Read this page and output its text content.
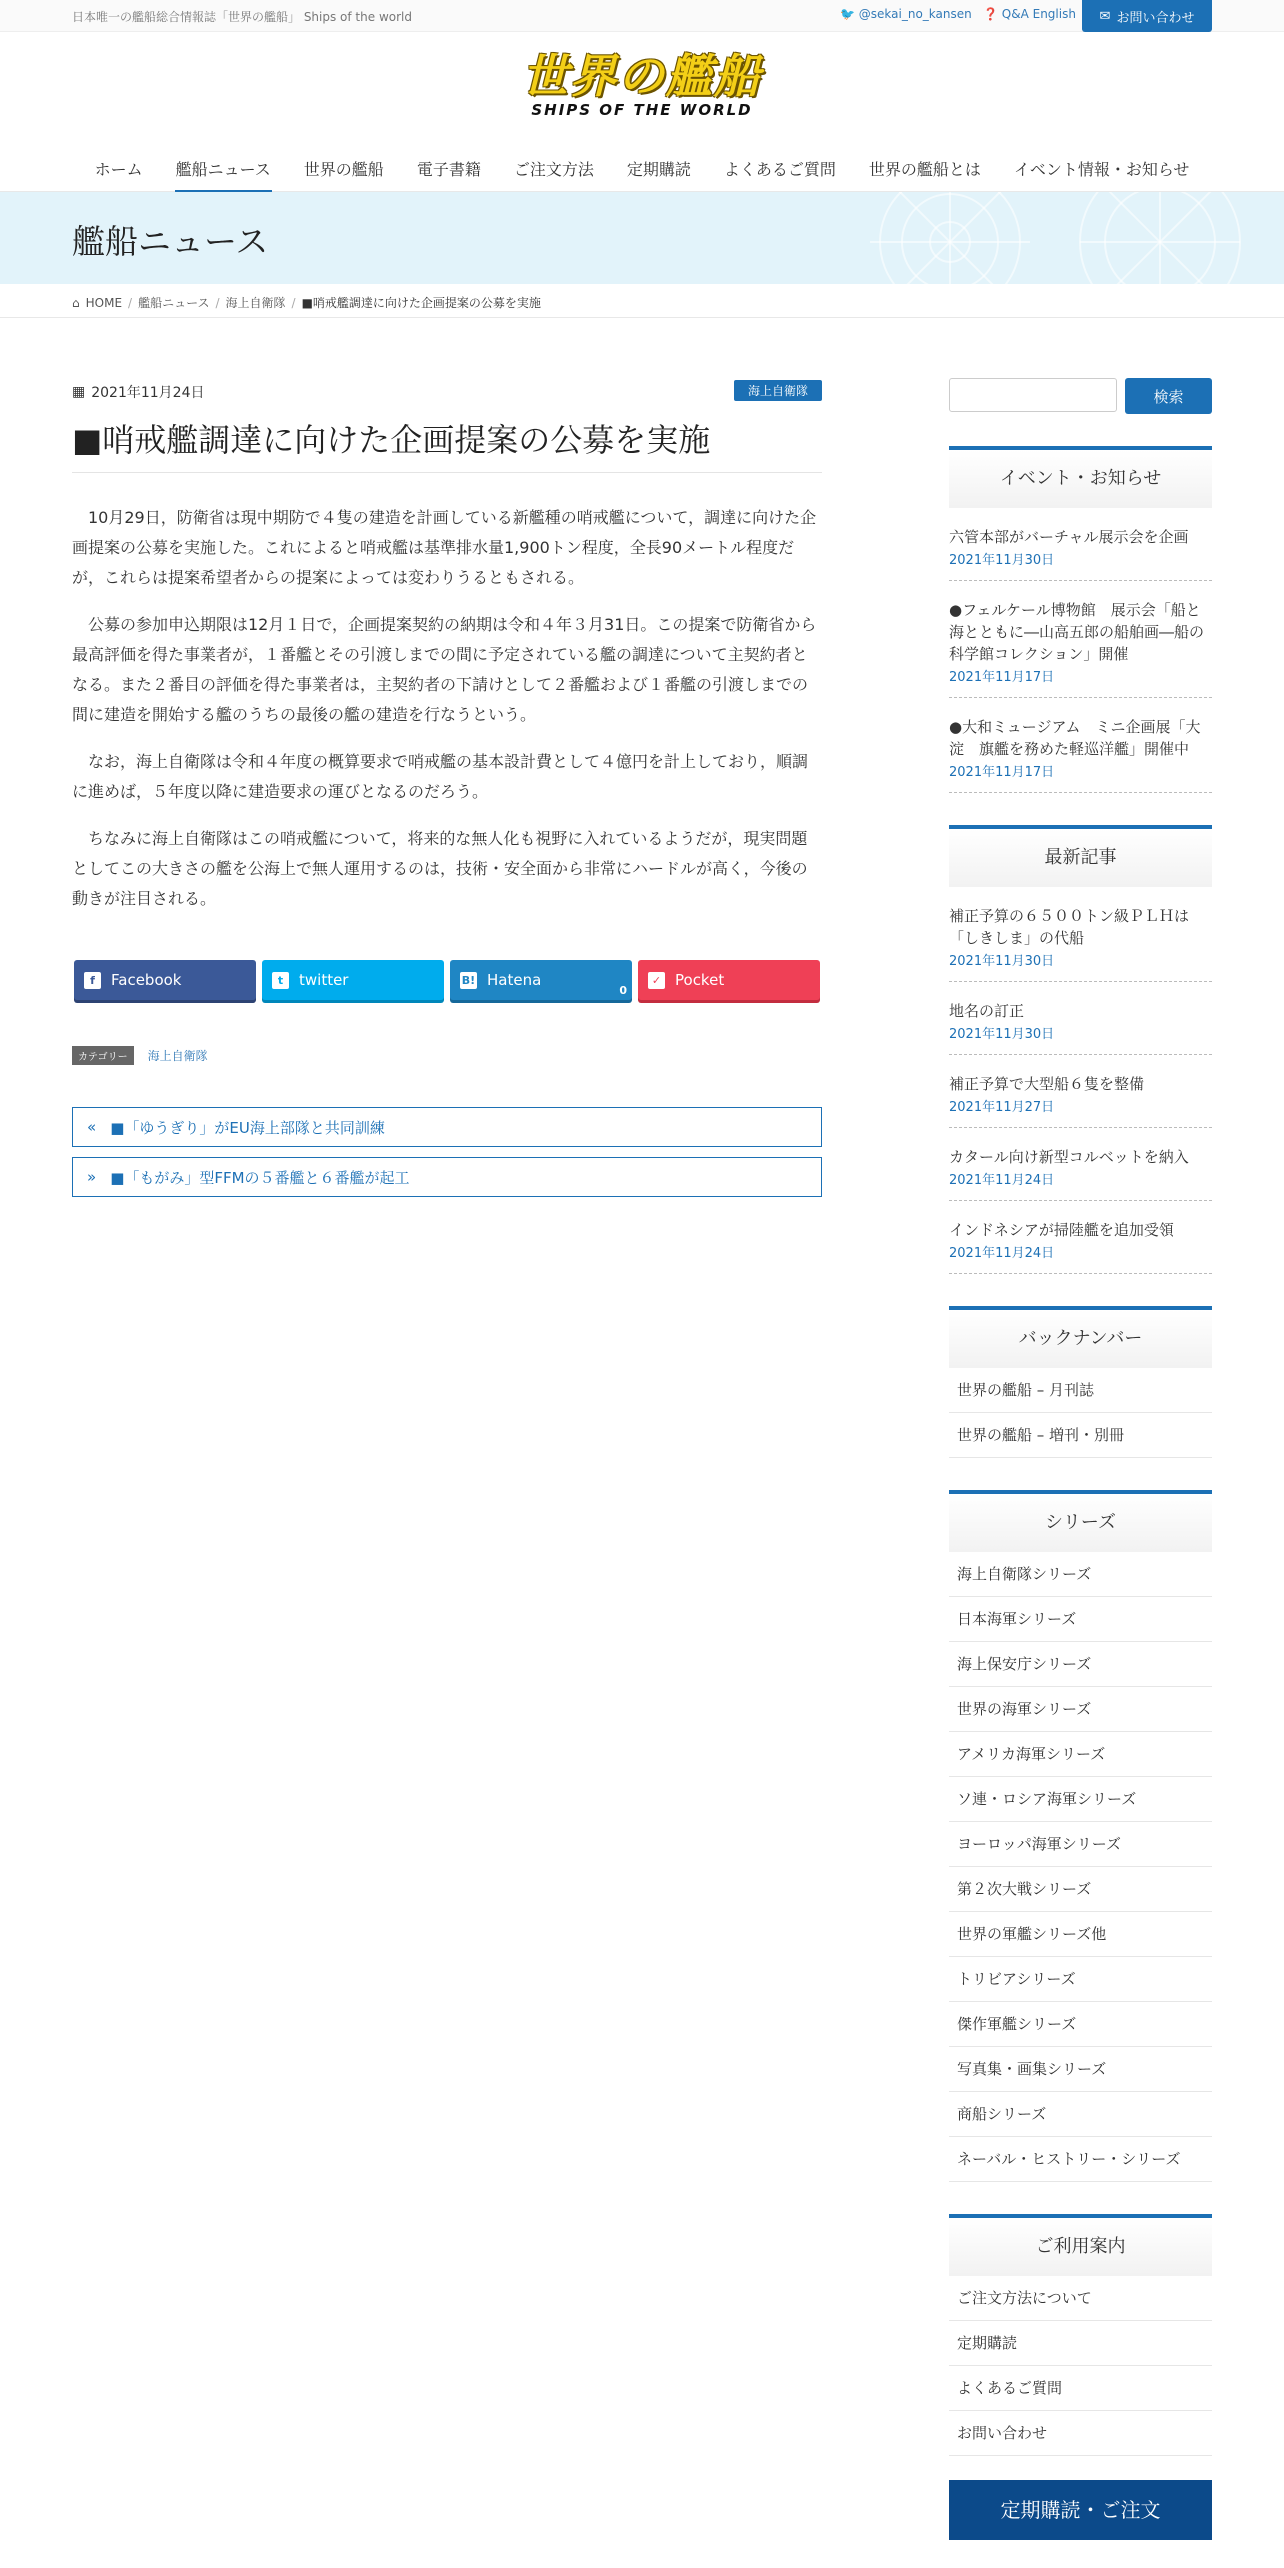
日本唯一の艦船総合情報誌「世界の艦船」 Ships of the world	🐦 @sekai_no_kansen ❓ Q&A English ✉ お問い合わせ
世界の艦船
SHIPS OF THE WORLD
ホーム 艦船ニュース 世界の艦船 電子書籍 ご注文方法 定期購読 よくあるご質問 世界の艦船とは イベント情報・お知らせ
艦船ニュース
⌂ HOME / 艦船ニュース / 海上自衛隊 / ■哨戒艦調達に向けた企画提案の公募を実施
▦ 2021年11月24日	海上自衛隊
■哨戒艦調達に向けた企画提案の公募を実施

10月29日，防衛省は現中期防で４隻の建造を計画している新艦種の哨戒艦について，調達に向けた企画提案の公募を実施した。これによると哨戒艦は基準排水量1,900トン程度，全長90メートル程度だが，これらは提案希望者からの提案によっては変わりうるともされる。

公募の参加申込期限は12月１日で，企画提案契約の納期は令和４年３月31日。この提案で防衛省から最高評価を得た事業者が，１番艦とその引渡しまでの間に予定されている艦の調達について主契約者となる。また２番目の評価を得た事業者は，主契約者の下請けとして２番艦および１番艦の引渡しまでの間に建造を開始する艦のうちの最後の艦の建造を行なうという。

なお，海上自衛隊は令和４年度の概算要求で哨戒艦の基本設計費として４億円を計上しており，順調に進めば，５年度以降に建造要求の運びとなるのだろう。

ちなみに海上自衛隊はこの哨戒艦について，将来的な無人化も視野に入れているようだが，現実問題としてこの大きさの艦を公海上で無人運用するのは，技術・安全面から非常にハードルが高く，今後の動きが注目される。

f	Facebook	t	twitter	B! Hatena
0
✓ Pocket
カテゴリー	海上自衛隊
« ■「ゆうぎり」がEU海上部隊と共同訓練
» ■「もがみ」型FFMの５番艦と６番艦が起工
検索
イベント・お知らせ
六管本部がバーチャル展示会を企画
2021年11月30日
●フェルケール博物館　展示会「船と海とともに―山高五郎の船舶画―船の科学館コレクション」開催
2021年11月17日
●大和ミュージアム　ミニ企画展「大淀　旗艦を務めた軽巡洋艦」開催中
2021年11月17日
最新記事
補正予算の６５００トン級ＰＬＨは「しきしま」の代船
2021年11月30日
地名の訂正
2021年11月30日
補正予算で大型船６隻を整備
2021年11月27日
カタール向け新型コルベットを納入
2021年11月24日
インドネシアが掃陸艦を追加受領
2021年11月24日
バックナンバー
世界の艦船 – 月刊誌
世界の艦船 – 増刊・別冊
シリーズ
海上自衛隊シリーズ
日本海軍シリーズ
海上保安庁シリーズ
世界の海軍シリーズ
アメリカ海軍シリーズ
ソ連・ロシア海軍シリーズ
ヨーロッパ海軍シリーズ
第２次大戦シリーズ
世界の軍艦シリーズ他
トリビアシリーズ
傑作軍艦シリーズ
写真集・画集シリーズ
商船シリーズ
ネーバル・ヒストリー・シリーズ
ご利用案内
ご注文方法について
定期購読
よくあるご質問
お問い合わせ
定期購読・ご注文
